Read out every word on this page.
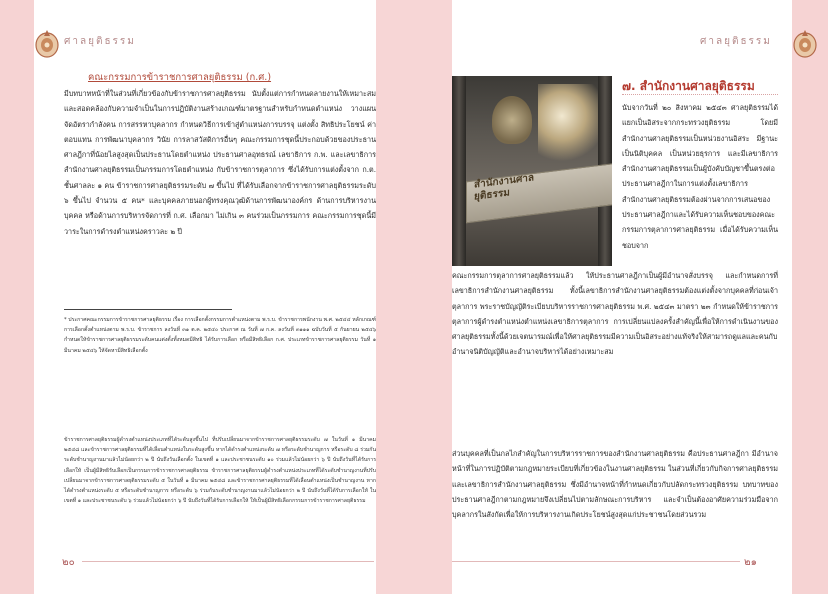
ศาลยุติธรรม	ศาลยุติธรรม
คณะกรรมการข้าราชการศาลยุติธรรม (ก.ศ.)
มีบทบาทหน้าที่ในส่วนที่เกี่ยวข้องกับข้าราชการศาลยุติธรรม นับตั้งแต่การกำหนดลายงานให้เหมาะสมและสอดคล้องกับความจำเป็นในการปฏิบัติงานสร้างเกณฑ์มาตรฐานสำหรับกำหนดตำแหน่ง วางแผนจัดอัตรากำลังคน การสรรหาบุคลากร กำหนดวิธีการเข้าสู่ตำแหน่งการบรรจุ แต่งตั้ง สิทธิประโยชน์ ค่าตอบแทน การพัฒนาบุคลากร วินัย การลาสวัสดิการอื่นๆ คณะกรรมการชุดนี้ประกอบด้วยของประธานศาลฎีกาที่น้อยไลสูงสุดเป็นประธานโดยตำแหน่ง ประธานศาลอุทธรณ์ เลขาธิการ ก.พ. และเลขาธิการสำนักงานศาลยุติธรรมเป็นกรรมการโดยตำแหน่ง กับข้าราชการตุลาการ ซึ่งได้รับการแต่งตั้งจาก ก.ต. ชั้นศาลละ ๑ คน ข้าราชการศาลยุติธรรมระดับ ๗ ขึ้นไป ที่ได้รับเลือกจากข้าราชการศาลยุติธรรมระดับ ๖ ขึ้นไป จำนวน ๕ คน* และบุคคลภายนอกผู้ทรงคุณวุฒิด้านการพัฒนาองค์กร ด้านการบริหารงานบุคคล หรือด้านการบริหารจัดการที่ ก.ศ. เลือกมา ไม่เกิน ๓ คนร่วมเป็นกรรมการ คณะกรรมการชุดนี้มีวาระในการดำรงตำแหน่งคราวละ ๒ ปี
* ประกาศคณะกรรมการข้าราชการศาลยุติธรรม เรื่อง การเลือกตั้งกรรมการตำแหน่งตาม พ.ร.บ. ข้าราชการพนักงาน พ.ศ. ๒๕๔๔ หลักเกณฑ์การเลือกตั้งตำแหน่งตาม พ.ร.บ. ข้าราชการ ลงวันที่ ๓๑ ต.ค. ๒๕๔๐ ประกาศ ณ วันที่ ๗ ก.ค. ลงวันที่ ๓๑๑๑ ฉบับวันที่ ๕ กันยายน ๒๕๔๖ กำหนดให้ข้าราชการศาลยุติธรรมระดับคนแต่งตั้งทั้งหมดมีสิทธิ ได้รับการเลือก หรือมีสิทธิเลือก ก.ศ. ประเภทข้าราชการศาลยุติธรรม วันที่ ๑ มีนาคม ๒๕๔๖ ให้จัดหามีสิทธิเลือกตั้ง
ข้าราชการศาลยุติธรรมผู้ดำรงตำแหน่งประเภทที่ได้ระดับสูงขึ้นไป ที่ปรับเปลี่ยนมาจากข้าราชการศาลยุติธรรมระดับ ๗ ในวันที่ ๑ มีนาคม ๒๕๔๘ และข้าราชการศาลยุติธรรมที่ได้เลื่อนตำแหน่งในระดับสูงขึ้น หากได้ดำรงตำแหน่งระดับ ๗ หรือระดับชำนาญการ หรือระดับ ๘ ร่วมกันระดับชำนาญงานมาแล้วไม่น้อยกว่า ๒ ปี นับถึงวันเลือกตั้ง ในเขตที่ ๑ และประชาชนระดับ ๑๐ ร่วมแล้วไม่น้อยกว่า ๖ ปี นับถึงวันที่ได้รับการเลือกให้ เป็นผู้มีสิทธิรับเลือกเป็นกรรมการข้าราชการศาลยุติธรรม ข้าราชการศาลยุติธรรมผู้ดำรงตำแหน่งประเภทที่ได้ระดับชำนาญงานที่ปรับเปลี่ยนมาจากข้าราชการศาลยุติธรรมระดับ ๕ ในวันที่ ๑ มีนาคม ๒๕๔๘ และข้าราชการศาลยุติธรรมที่ได้เลื่อนตำแหน่งเป็นชำนาญงาน หากได้ดำรงตำแหน่งระดับ ๕ หรือระดับชำนาญการ หรือระดับ ๖ ร่วมกันระดับชำนาญงานมาแล้วไม่น้อยกว่า ๒ ปี นับถึงวันที่ได้รับการเลือกให้ ในเขตที่ ๑ และประชาชนระดับ ๖ ร่วมแล้วไม่น้อยกว่า ๖ ปี นับถึงวันที่ได้รับการเลือกให้ ให้เป็นผู้มีสิทธิเลือกกรรมการข้าราชการศาลยุติธรรม
๒๐
สำนักงานศาล
ยุติธรรม
๗. สำนักงานศาลยุติธรรม
นับจากวันที่ ๒๐ สิงหาคม ๒๕๔๓ ศาลยุติธรรมได้แยกเป็นอิสระจากกระทรวงยุติธรรม โดยมีสำนักงานศาลยุติธรรมเป็นหน่วยงานอิสระ มีฐานะเป็นนิติบุคคล เป็นหน่วยธุรการ และมีเลขาธิการสำนักงานศาลยุติธรรมเป็นผู้บังคับบัญชาขึ้นตรงต่อประธานศาลฎีกาในการแต่งตั้งเลขาธิการสำนักงานศาลยุติธรรมต้องผ่านจากการเสนอของประธานศาลฎีกาและได้รับความเห็นชอบของคณะกรรมการตุลาการศาลยุติธรรม เมื่อได้รับความเห็นชอบจาก
คณะกรรมการตุลาการศาลยุติธรรมแล้ว ให้ประธานศาลฎีกาเป็นผู้มีอำนาจสั่งบรรจุ และกำหนดการที่เลขาธิการสำนักงานศาลยุติธรรม ทั้งนี้เลขาธิการสำนักงานศาลยุติธรรมต้องแต่งตั้งจากบุคคลที่ก่อนเจ้าตุลาการ พระราชบัญญัติระเบียบบริหารราชการศาลยุติธรรม พ.ศ. ๒๕๔๓ มาตรา ๒๓ กำหนดให้ข้าราชการตุลาการผู้ดำรงตำแหน่งตำแหน่งเลขาธิการตุลาการ การเปลี่ยนแปลงครั้งสำคัญนี้เพื่อให้การดำเนินงานของศาลยุติธรรมทั้งนี้ด้วยเจตนารมณ์เพื่อให้ศาลยุติธรรมมีความเป็นอิสระอย่างแท้จริงให้สามารถดูแลและคนกับอำนาจนิติบัญญัติและอำนาจบริหารได้อย่างเหมาะสม
ส่วนบุคคลที่เป็นกลไกสำคัญในการบริหารราชการของสำนักงานศาลยุติธรรม คือประธานศาลฎีกา มีอำนาจหน้าที่ในการปฏิบัติตามกฎหมายระเบียบที่เกี่ยวข้องในงานศาลยุติธรรม ในส่วนที่เกี่ยวกับกิจการศาลยุติธรรม และเลขาธิการสำนักงานศาลยุติธรรม ซึ่งมีอำนาจหน้าที่กำหนดเกี่ยวกับปลัดกระทรวงยุติธรรม บทบาทของประธานศาลฎีกาตามกฎหมายจึงเปลี่ยนไปตามลักษณะการบริหาร และจำเป็นต้องอาศัยความร่วมมือจากบุคลากรในสังกัดเพื่อให้การบริหารงานเกิดประโยชน์สูงสุดแก่ประชาชนโดยส่วนรวม
๒๑
